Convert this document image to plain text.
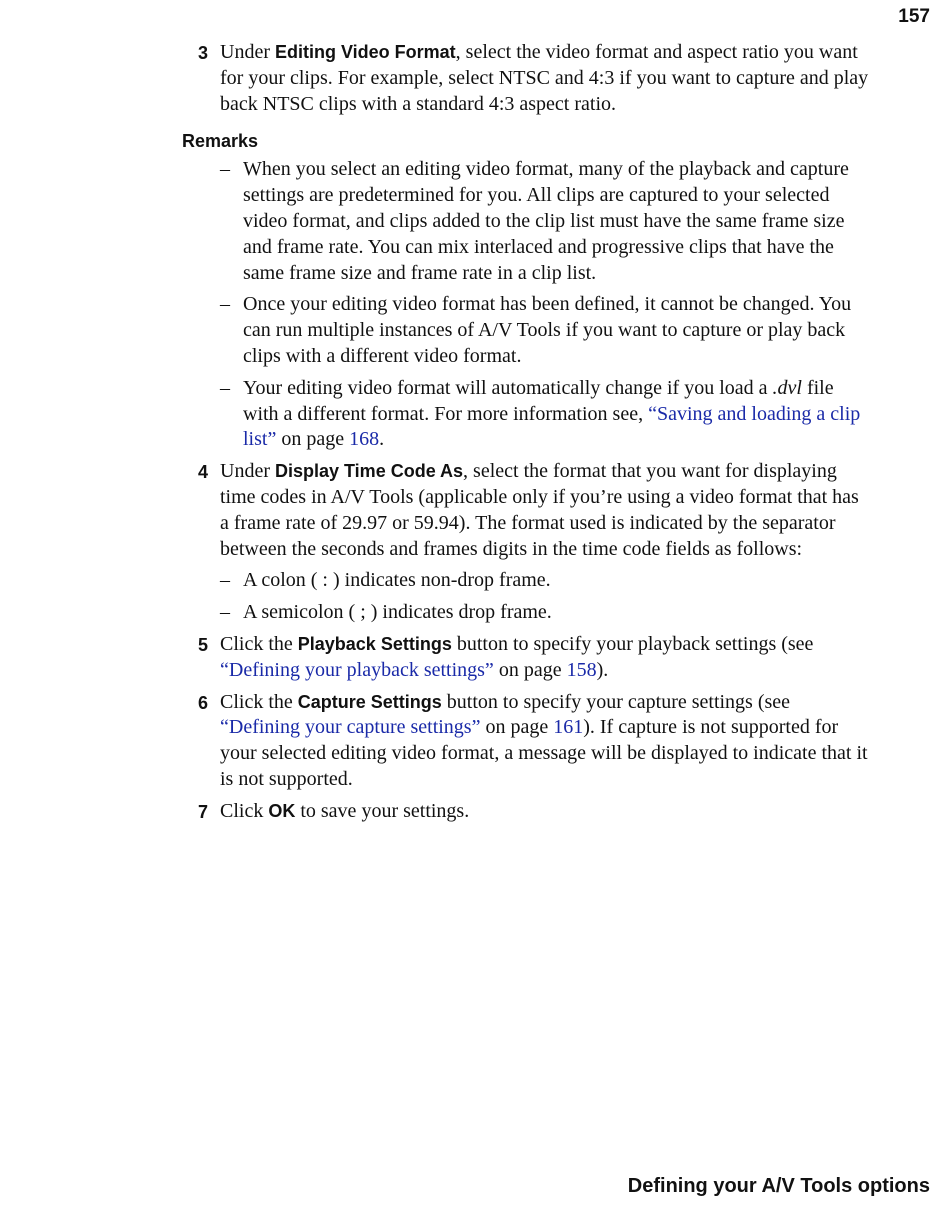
157
3 Under Editing Video Format, select the video format and aspect ratio you want for your clips. For example, select NTSC and 4:3 if you want to capture and play back NTSC clips with a standard 4:3 aspect ratio.
Remarks
– When you select an editing video format, many of the playback and capture settings are predetermined for you. All clips are captured to your selected video format, and clips added to the clip list must have the same frame size and frame rate. You can mix interlaced and progressive clips that have the same frame size and frame rate in a clip list.
– Once your editing video format has been defined, it cannot be changed. You can run multiple instances of A/V Tools if you want to capture or play back clips with a different video format.
– Your editing video format will automatically change if you load a .dvl file with a different format. For more information see, “Saving and loading a clip list” on page 168.
4 Under Display Time Code As, select the format that you want for displaying time codes in A/V Tools (applicable only if you’re using a video format that has a frame rate of 29.97 or 59.94). The format used is indicated by the separator between the seconds and frames digits in the time code fields as follows:
– A colon ( : ) indicates non-drop frame.
– A semicolon ( ; ) indicates drop frame.
5 Click the Playback Settings button to specify your playback settings (see “Defining your playback settings” on page 158).
6 Click the Capture Settings button to specify your capture settings (see “Defining your capture settings” on page 161). If capture is not supported for your selected editing video format, a message will be displayed to indicate that it is not supported.
7 Click OK to save your settings.
Defining your A/V Tools options
